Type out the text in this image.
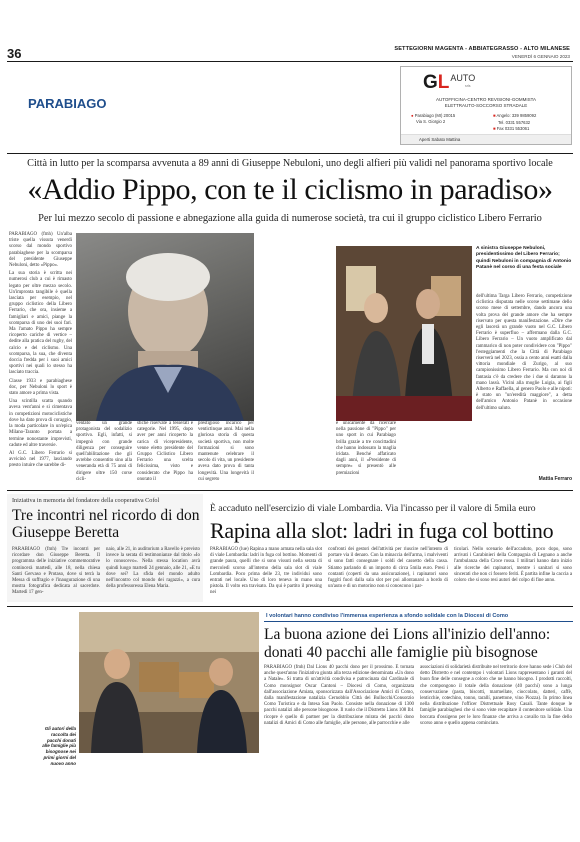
36	SETTEGIORNI MAGENTA - ABBIATEGRASSO - ALTO MILANESE
VENERDÌ 6 GENNAIO 2023
$GL^{AUTO}$
srls
AUTOFFICINA-CENTRO REVISIONI-GOMMISTA
ELETTRAUTO-SOCCORSO STRADALE
● Parabiago (MI) 20015
Via S. Giorgio 2
■ Angelo: 339 9859092
Tel. 0331 557632
■ Fax 0331 553061
Aperti Sabato Mattina
PARABIAGO
Città in lutto per la scomparsa avvenuta a 89 anni di Giuseppe Nebuloni, uno degli alfieri più validi nel panorama sportivo locale
«Addio Pippo, con te il ciclismo in paradiso»
Per lui mezzo secolo di passione e abnegazione alla guida di numerose società, tra cui il gruppo ciclistico Libero Ferrario

PARABIAGO (fmh) Un'alba triste quella vissuta venerdì scorso dal mondo sportivo parabiaghese per la scomparsa del presidente Giuseppe Nebuloni, detto «Pippo».

La sua storia è scritta nei numerosi club a cui è rimasto legato per oltre mezzo secolo. Un'impronta tangibile è quella lasciata per esempio, nel gruppo ciclistico della Libero Ferrario, che ora, insieme a famigliari e amici, piange la scomparsa di uno dei suoi fari. Ma l'amato Pippo ha sempre ricoperto cariche di vertice – dedite alla pratica del rugby, del calcio e del ciclismo. Una scomparsa, la sua, che diventa doccia fredda per i suoi amici sportivi nei quali lo stesso ha lasciato traccia.

Classe 1933 e parabiaghese doc, per Nebuloni lo sport è stato amore a prima vista.

Una scintilla scatta quando aveva vent'anni e si cimentava in competizioni motociclistiche dove ha dato prova di coraggio, la moda particolare in un'epica Milano-Taranto portata a termine nonostante imprevisti, cadute ed altre traversie.

Al G.C. Libero Ferrario si avvicinò nel 1977, lasciando presto intuire che sarebbe di-

ventato un grande protagonista del sodalizio sportivo. Egli, infatti, si impegnò con grande diligenza per conseguire quell'abilitazione che gli avrebbe consentito sino alla veneranda età di 75 anni di dirigere oltre 150 corse cicli-
stiche riservate a tesserati e categorie. Nel 1995, dopo aver per anni ricoperto la carica di vicepresidente, venne eletto presidente del Gruppo Ciclistico Libero Ferrario una scelta felicissima, visto e considerato che Pippo ha onorato il
prestigioso incarico per ventictinque anni. Mai nella gloriosa storia di questa società sportiva, non molte formazioni si sono mantenute celebrare il secolo di vita, un presidente aveva dato prova di tanta longevità. Una longevità il cui segreto
è unicamente da ricercare nella passione di "Pippo" per uno sport in cui Parabiago brilla grazie a tre concittadini che hanno indossato la maglia iridata. Benché affaticato dagli anni, il «Presidente di sempre» si presentò alle premiazioni
A sinistra Giuseppe Nebuloni, presidentissimo del Libero Ferrario; quindi Nebuloni in compagnia di Antonio Patanè nel corso di una festa sociale
dell'ultima Targa Libero Ferrario, competizione ciclistica disputata nelle scorse settimane dello scorso mese di settembre, dando ancora una volta prova del grande amore che ha sempre riservato per questa manifestazione. «Dire che egli lascerà un grande vuoto nel G.C. Libero Ferrario è superfluo – affermano dalla G.C. Libero Ferrario – Un vuoto amplificato dal rammarico di non poter condividere con "Pippo" l'esteggiamenti che la Città di Parabiago riserverà nel 2023, ossia a cento anni esatti dalla vittoria mondiale di Zurigo, al suo campionissimo Libero Ferrario. Ma con noi di fantasia c'è da credere che i due si daranno la mano lassù. Vicini alla moglie Luigia, ai figli Alberto e Raffaella, al genero Paolo e alle nipoti: è stato un "un'eredità maggiore", a detta dell'amico Antonio Patanè in occasione dell'ultimo saluto.
Mattia Ferraro
Iniziativa in memoria del fondatore della cooperativa Cofol
Tre incontri nel ricordo di don Giuseppe Beretta
PARABIAGO (fmh) Tre incontri per ricordare don Giuseppe Beretta. Il programma delle iniziative commemorative comincerà martedì, alle 18, nella chiesa Santi Gervaso e Protaso, dove si terrà la Messa di suffragio e l'inaugurazione di una mostra fotografica dedicata al sacerdote. Martedì 17 gen-
naio, alle 21, in auditorium a Ravello è previsto invece la serata di testimonianze dal titolo «Io lo conoscevo». Nella stessa location avrà quindi luogo martedì 24 gennaio, alle 21, «E tu dove sei? La sfida del mondo adulto nell'incontro col mondo dei ragazzi», a cura della professoressa Elena Maria.
È accaduto nell'esercizio di viale Lombardia. Via l'incasso per il valore di 5mila euro
Rapina alla slot: ladri in fuga col bottino
PARABIAGO (lue) Rapina a mano armata nella sala slot di viale Lombardia: ladri in fuga col bottino. Momenti di grande paura, quelli che si sono vissuti nella serata di mercoledì scorso all'interno della sala slot di viale Lombardia. Poco prima delle 23, tre individui sono entrati nel locale. Uno di loro teneva in mano una pistola. Il volto era travisato. Da qui è partito il pressing nei
confronti dei gestori dell'attività per riuscire nell'intento di portare via il denaro. Con la minaccia dell'arma, i malviventi si sono fatti consegnare i soldi del cassetto della cassa. Stiamo parlando di un importo di circa 5mila euro. Presi i contanti (coperti da una assicurazione), i rapinatori sono fuggiti fuori dalla sala slot per poi allontanarsi a bordo di un'auto e di un motorino non si conoscono i par-
ticolari. Nello scenario dell'accaduto, poco dopo, sono arrivati i Carabinieri della Compagnia di Legnano a anche l'ambulanza della Croce rossa. I militari hanno dato inizio alle ricerche dei rapinatori, mentre i sanitari si sono sincerati che non ci fossero feriti. È partita infine la caccia a coloro che si sono resi autori del colpo di fine anno.
Gli autori della raccolta dei pacchi donati alle famiglie più bisognose nei primi giorni del nuovo anno
I volontari hanno condiviso l'immensa esperienza a sfondo solidale con la Diocesi di Como
La buona azione dei Lions all'inizio dell'anno: donati 40 pacchi alle famiglie più bisognose
PARABIAGO (fmh) Dal Lions 40 pacchi dono per il prossimo. E tornata anche quest'anno l'iniziativa giunta alla terza edizione denominata «Un dono a Natale». Si tratta di un'attività condivisa e patrocinata dal Cardinale di Como monsignor Oscar Cantoni – Diocesi di Como, organizzata dall'associazione Amiata, sponsorizzata dall'Associazione Amici di Como, dalla manifestazione natalizia Cernobbio Città dei Bullocchi/Consorzio Como Turistica e da Intesa San Paolo. Consiste nella donazione di 1300 pacchi natalizi alle persone bisognose. Il ruolo che il Distretto Lions 108 Ib1 ricopre è quello di partner per la distribuzione mirata dei pacchi dono natalizi di Amici di Como alle famiglie, alle persone, alle parrocchie e alle
associazioni di solidarietà distribuite nel territorio dove hanno sede i Club del detto Distretto e nel contempo i volontari Lions rappresentano i garanti del buon fine delle consegne a coloro che ne hanno bisogno. I prodotti raccolti, che compongono il totale della donazione (40 pacchi) sono a lunga conservazione (pasta, biscotti, marmellate, cioccolato, datteri, caffè, lenticchie, cotechino, tonno, tarallí, panettone, vino Piozza). In primo linea nella distribuzione l'officer Distrettuale Rosy Casali. Tante donque le famiglie parabiaghesi che si sono viste recapitare il contenitore solidale. Una boccata d'ossigeno per le loro finanze che arriva a cavallo tra la fine dello scorso anno e quello appena cominciato.
